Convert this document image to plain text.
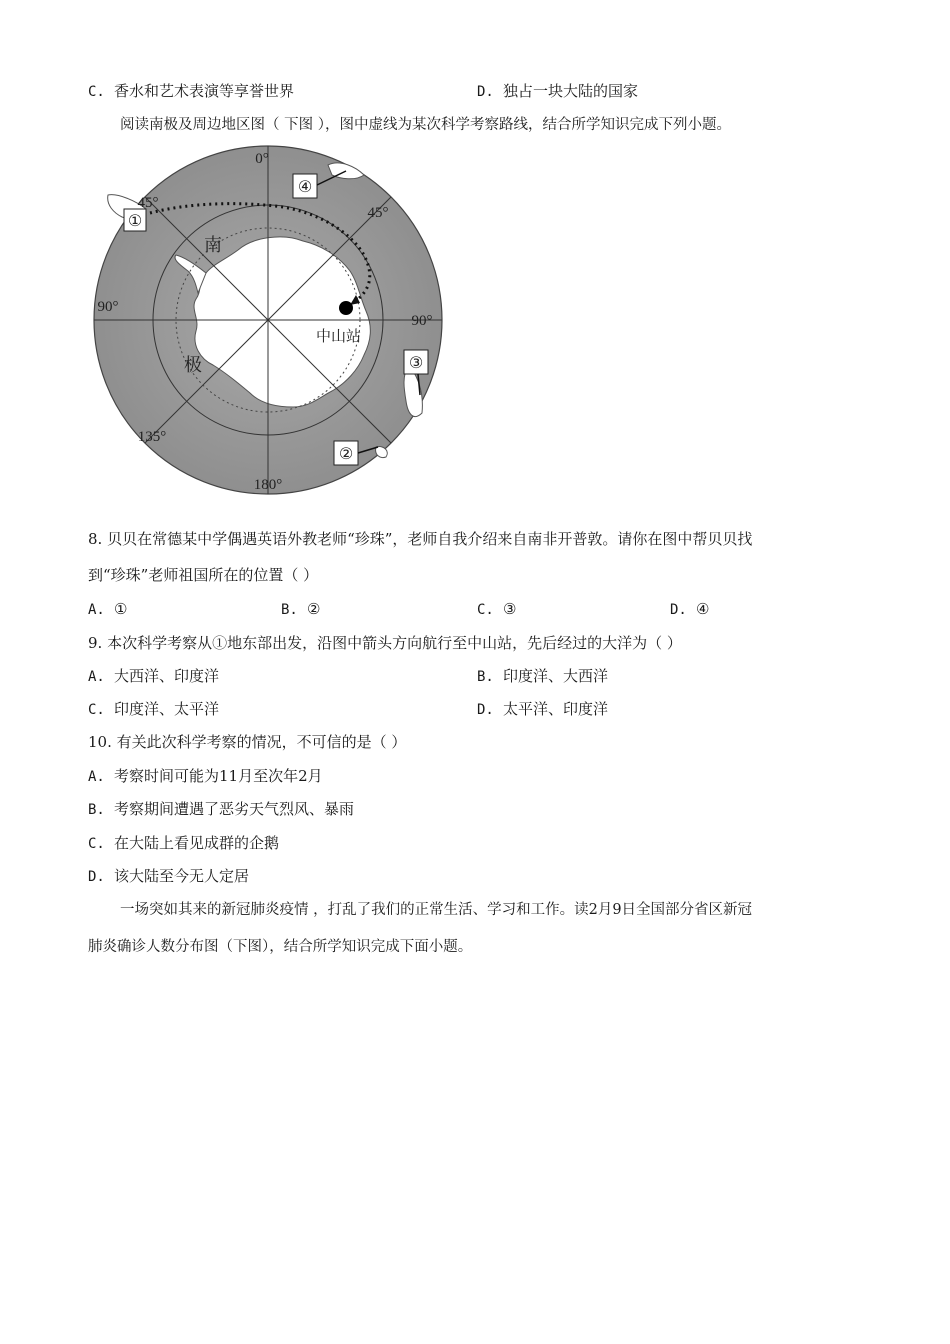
C. 香水和艺术表演等享誉世界	D. 独占一块大陆的国家
阅读南极及周边地区图（ 下图 ），图中虚线为某次科学考察路线，结合所学知识完成下列小题。
①
④
③
②
0°
90°
90°
180°
45°
45°
135°
南
极
中山站
8. 贝贝在常德某中学偶遇英语外教老师“珍珠”，老师自我介绍来自南非开普敦。请你在图中帮贝贝找
到“珍珠”老师祖国所在的位置（ ）
A. ①	B. ②	C. ③	D. ④
9. 本次科学考察从①地东部出发，沿图中箭头方向航行至中山站，先后经过的大洋为（ ）
A. 大西洋、印度洋	B. 印度洋、大西洋
C. 印度洋、太平洋	D. 太平洋、印度洋
10. 有关此次科学考察的情况，不可信的是（ ）
A. 考察时间可能为11月至次年2月
B. 考察期间遭遇了恶劣天气烈风、暴雨
C. 在大陆上看见成群的企鹅
D. 该大陆至今无人定居
一场突如其来的新冠肺炎疫情 ，打乱了我们的正常生活、学习和工作。读2月9日全国部分省区新冠
肺炎确诊人数分布图（下图），结合所学知识完成下面小题。
